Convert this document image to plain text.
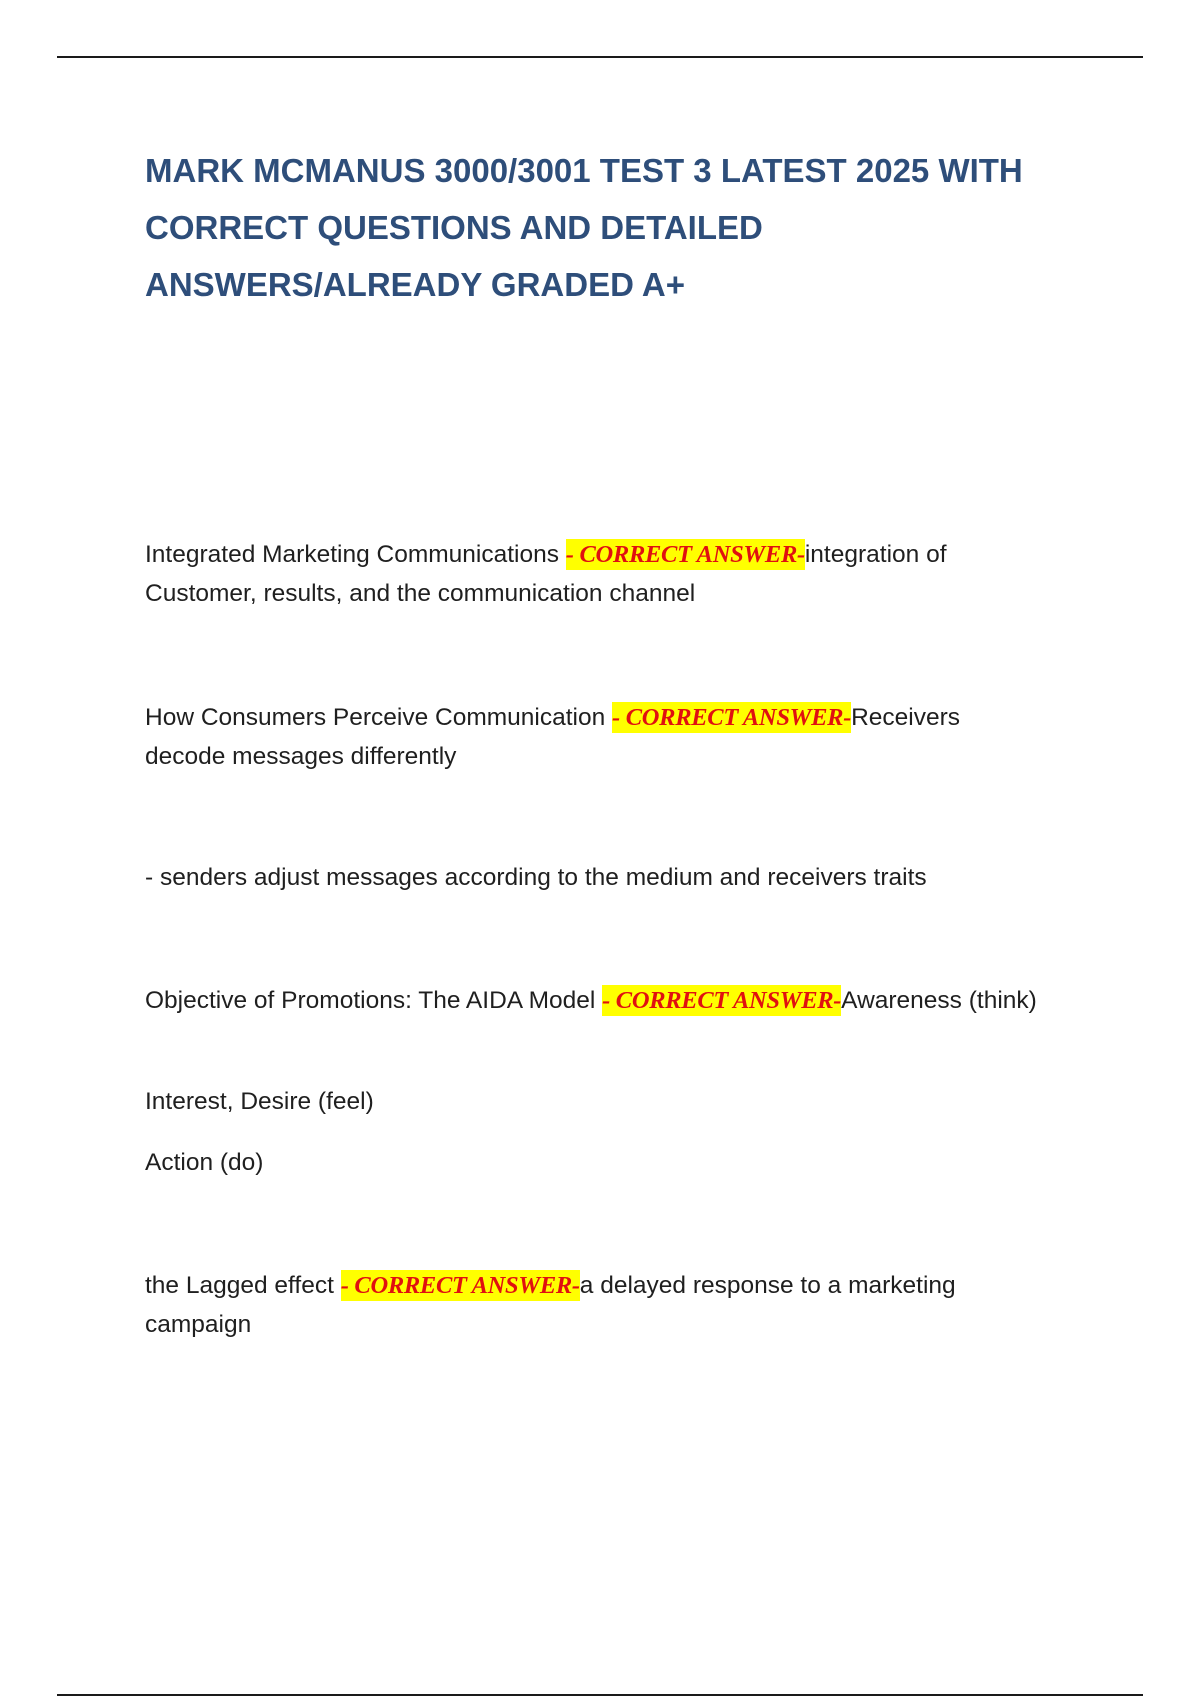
MARK MCMANUS 3000/3001 TEST 3 LATEST 2025 WITH
CORRECT QUESTIONS AND DETAILED
ANSWERS/ALREADY GRADED A+

Integrated Marketing Communications - CORRECT ANSWER-integration of Customer, results, and the communication channel

How Consumers Perceive Communication - CORRECT ANSWER-Receivers decode messages differently

- senders adjust messages according to the medium and receivers traits

Objective of Promotions: The AIDA Model - CORRECT ANSWER-Awareness (think)

Interest, Desire (feel)

Action (do)

the Lagged effect - CORRECT ANSWER-a delayed response to a marketing campaign
